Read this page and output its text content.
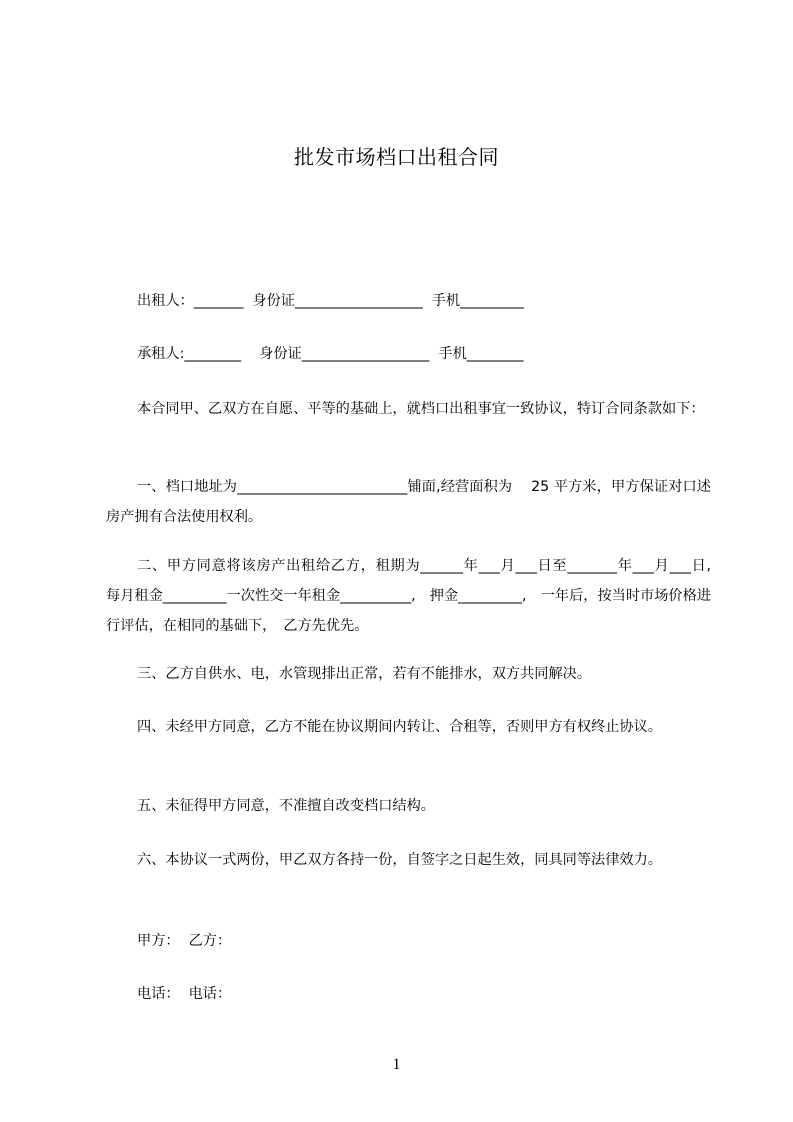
批发市场档口出租合同
出租人：_______  身份证__________________  手机_________
承租人:________    身份证__________________  手机________
本合同甲、乙双方在自愿、平等的基础上，就档口出租事宜一致协议，特订合同条款如下：
一、档口地址为________________________铺面,经营面积为　 25 平方米，甲方保证对口述房产拥有合法使用权利。
二、甲方同意将该房产出租给乙方，租期为______年___月___日至_______年___月___日,　每月租金_________一次性交一年租金__________,　押金_________,　一年后，按当时市场价格进行评估，在相同的基础下，　乙方先优先。
三、乙方自供水、电，水管现排出正常，若有不能排水，双方共同解决。
四、未经甲方同意，乙方不能在协议期间内转让、合租等，否则甲方有权终止协议。
五、未征得甲方同意，不准擅自改变档口结构。
六、本协议一式两份，甲乙双方各持一份，自签字之日起生效，同具同等法律效力。
甲方：  乙方：
电话：  电话：
1
